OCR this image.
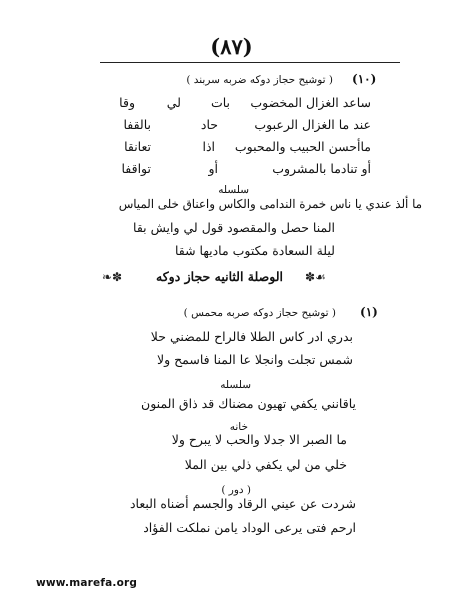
(٨٧)
(١٠)
( توشيح حجاز دوكه ضربه سربند )
ساعد الغزال المخضوب
بات
لي
وقا
عند ما الغزال الرعبوب
حاد
بالقفا
ماأحسن الحبيب والمحبوب
اذا
تعانقا
أو تنادما بالمشروب
أو
تواقفا
سلسله
ما ألذ عندي يا ناس خمرة الندامى والكاس واعناق خلى المياس
المنا حصل والمقصود قول لي وايش بقا
ليلة السعادة مكتوب ماديها شقا
❧✽	الوصلة الثانيه حجاز دوكه ✽☙
(١)
( توشيح حجاز دوكه صربه محمس )
بدري ادر كاس الطلا فالراح للمضني حلا
شمس تجلت وانجلا عا المنا فاسمح ولا
سلسله
ياقانني يكفي تهيون مضناك قد ذاق المنون
خانه
ما الصبر الا جدلا والحب لا يبرح ولا
خلي من لي يكفي ذلي بين الملا
( دور )
شردت عن عيني الرقاد والجسم أضناه البعاد
ارحم فتى يرعى الوداد يامن نملكت الفؤاد
www.marefa.org
